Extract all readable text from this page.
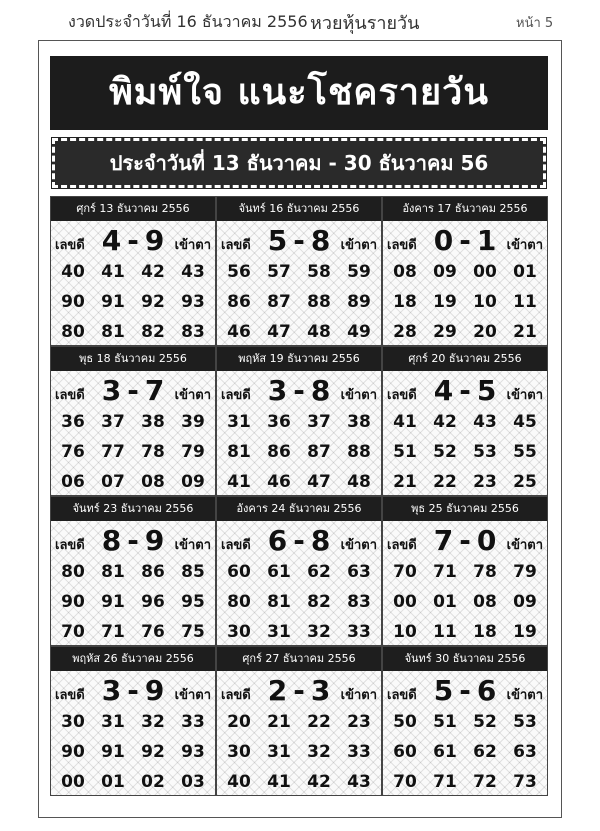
งวดประจำวันที่ 16 ธันวาคม 2556 หวยหุ้นรายวัน	หน้า 5
พิมพ์ใจ แนะโชครายวัน
ประจำวันที่ 13 ธันวาคม - 30 ธันวาคม 56
ศุกร์ 13 ธันวาคม 2556
เลขดี 4 - 9 เข้าตา
40 41 42 43
90 91 92 93
80 81 82 83
จันทร์ 16 ธันวาคม 2556
เลขดี 5 - 8 เข้าตา
56 57 58 59
86 87 88 89
46 47 48 49
อังคาร 17 ธันวาคม 2556
เลขดี 0 - 1 เข้าตา
08 09 00 01
18 19 10 11
28 29 20 21
พุธ 18 ธันวาคม 2556
เลขดี 3 - 7 เข้าตา
36 37 38 39
76 77 78 79
06 07 08 09
พฤหัส 19 ธันวาคม 2556
เลขดี 3 - 8 เข้าตา
31 36 37 38
81 86 87 88
41 46 47 48
ศุกร์ 20 ธันวาคม 2556
เลขดี 4 - 5 เข้าตา
41 42 43 45
51 52 53 55
21 22 23 25
จันทร์ 23 ธันวาคม 2556
เลขดี 8 - 9 เข้าตา
80 81 86 85
90 91 96 95
70 71 76 75
อังคาร 24 ธันวาคม 2556
เลขดี 6 - 8 เข้าตา
60 61 62 63
80 81 82 83
30 31 32 33
พุธ 25 ธันวาคม 2556
เลขดี 7 - 0 เข้าตา
70 71 78 79
00 01 08 09
10 11 18 19
พฤหัส 26 ธันวาคม 2556
เลขดี 3 - 9 เข้าตา
30 31 32 33
90 91 92 93
00 01 02 03
ศุกร์ 27 ธันวาคม 2556
เลขดี 2 - 3 เข้าตา
20 21 22 23
30 31 32 33
40 41 42 43
จันทร์ 30 ธันวาคม 2556
เลขดี 5 - 6 เข้าตา
50 51 52 53
60 61 62 63
70 71 72 73
